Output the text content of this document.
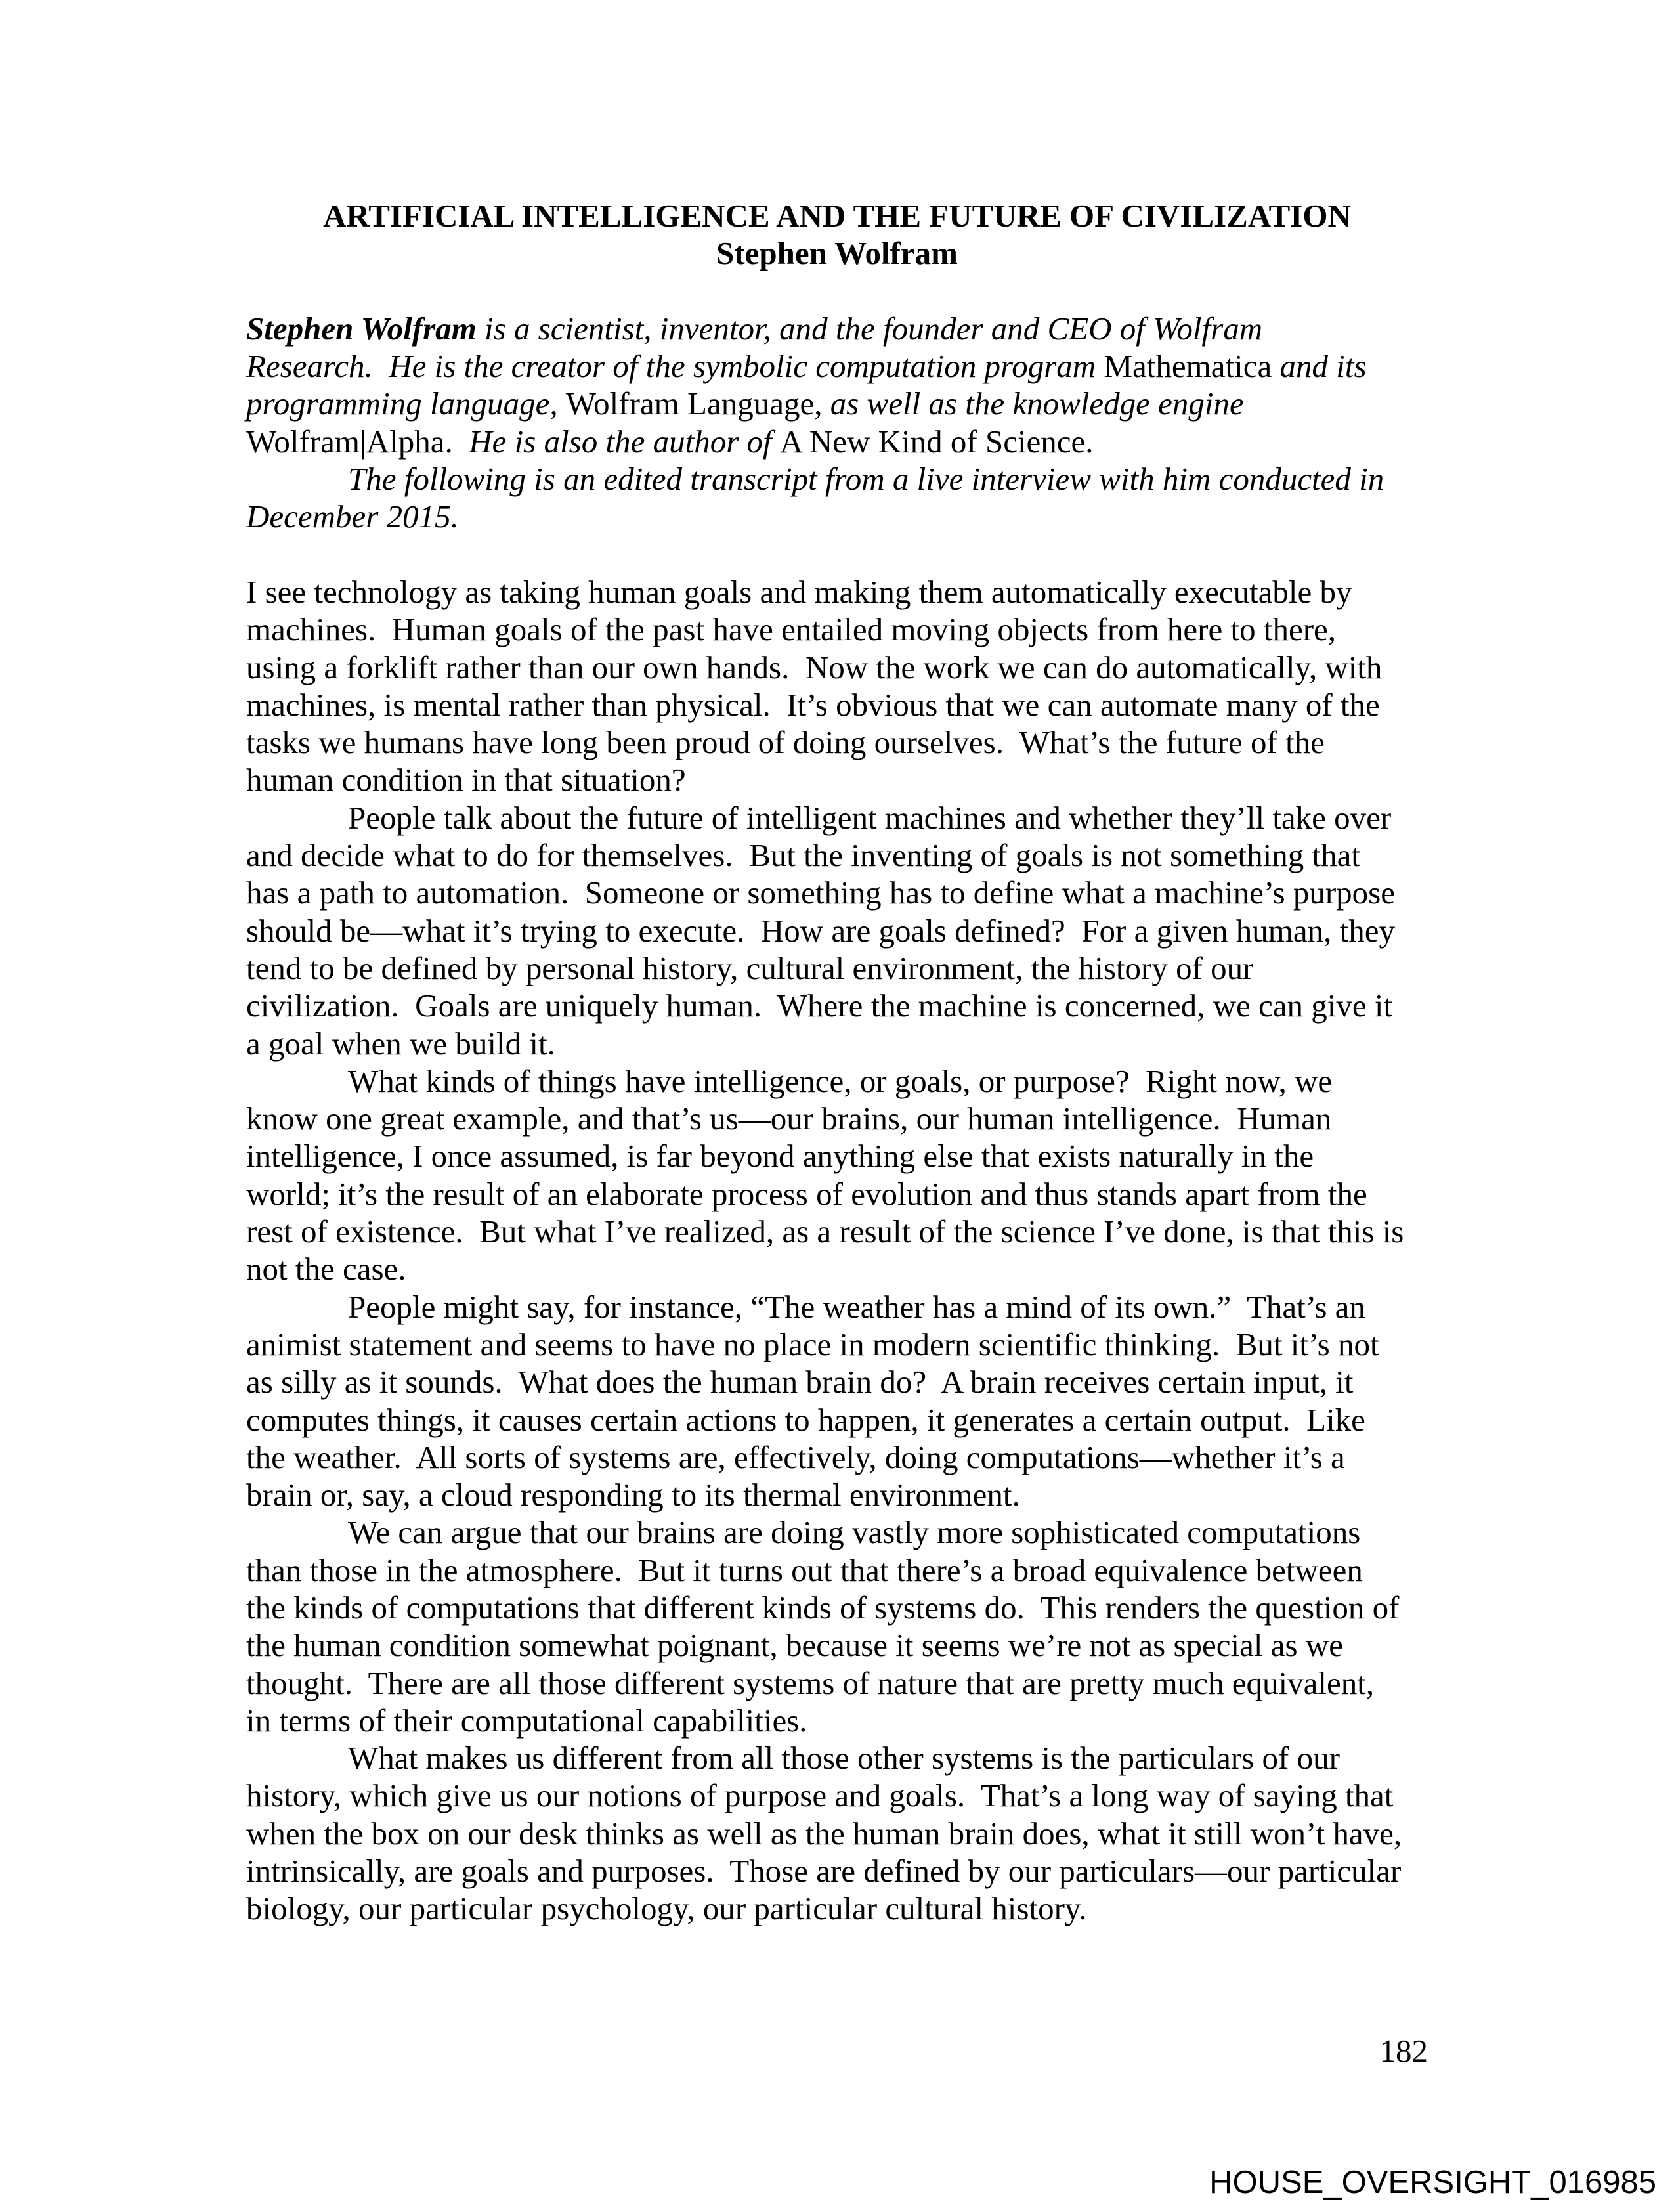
ARTIFICIAL INTELLIGENCE AND THE FUTURE OF CIVILIZATION
Stephen Wolfram
Stephen Wolfram is a scientist, inventor, and the founder and CEO of Wolfram
Research.  He is the creator of the symbolic computation program Mathematica and its
programming language, Wolfram Language, as well as the knowledge engine
Wolfram|Alpha.  He is also the author of A New Kind of Science.
The following is an edited transcript from a live interview with him conducted in
December 2015.
I see technology as taking human goals and making them automatically executable by
machines.  Human goals of the past have entailed moving objects from here to there,
using a forklift rather than our own hands.  Now the work we can do automatically, with
machines, is mental rather than physical.  It’s obvious that we can automate many of the
tasks we humans have long been proud of doing ourselves.  What’s the future of the
human condition in that situation?
People talk about the future of intelligent machines and whether they’ll take over
and decide what to do for themselves.  But the inventing of goals is not something that
has a path to automation.  Someone or something has to define what a machine’s purpose
should be—what it’s trying to execute.  How are goals defined?  For a given human, they
tend to be defined by personal history, cultural environment, the history of our
civilization.  Goals are uniquely human.  Where the machine is concerned, we can give it
a goal when we build it.
What kinds of things have intelligence, or goals, or purpose?  Right now, we
know one great example, and that’s us—our brains, our human intelligence.  Human
intelligence, I once assumed, is far beyond anything else that exists naturally in the
world; it’s the result of an elaborate process of evolution and thus stands apart from the
rest of existence.  But what I’ve realized, as a result of the science I’ve done, is that this is
not the case.
People might say, for instance, “The weather has a mind of its own.”  That’s an
animist statement and seems to have no place in modern scientific thinking.  But it’s not
as silly as it sounds.  What does the human brain do?  A brain receives certain input, it
computes things, it causes certain actions to happen, it generates a certain output.  Like
the weather.  All sorts of systems are, effectively, doing computations—whether it’s a
brain or, say, a cloud responding to its thermal environment.
We can argue that our brains are doing vastly more sophisticated computations
than those in the atmosphere.  But it turns out that there’s a broad equivalence between
the kinds of computations that different kinds of systems do.  This renders the question of
the human condition somewhat poignant, because it seems we’re not as special as we
thought.  There are all those different systems of nature that are pretty much equivalent,
in terms of their computational capabilities.
What makes us different from all those other systems is the particulars of our
history, which give us our notions of purpose and goals.  That’s a long way of saying that
when the box on our desk thinks as well as the human brain does, what it still won’t have,
intrinsically, are goals and purposes.  Those are defined by our particulars—our particular
biology, our particular psychology, our particular cultural history.
182
HOUSE_OVERSIGHT_016985
